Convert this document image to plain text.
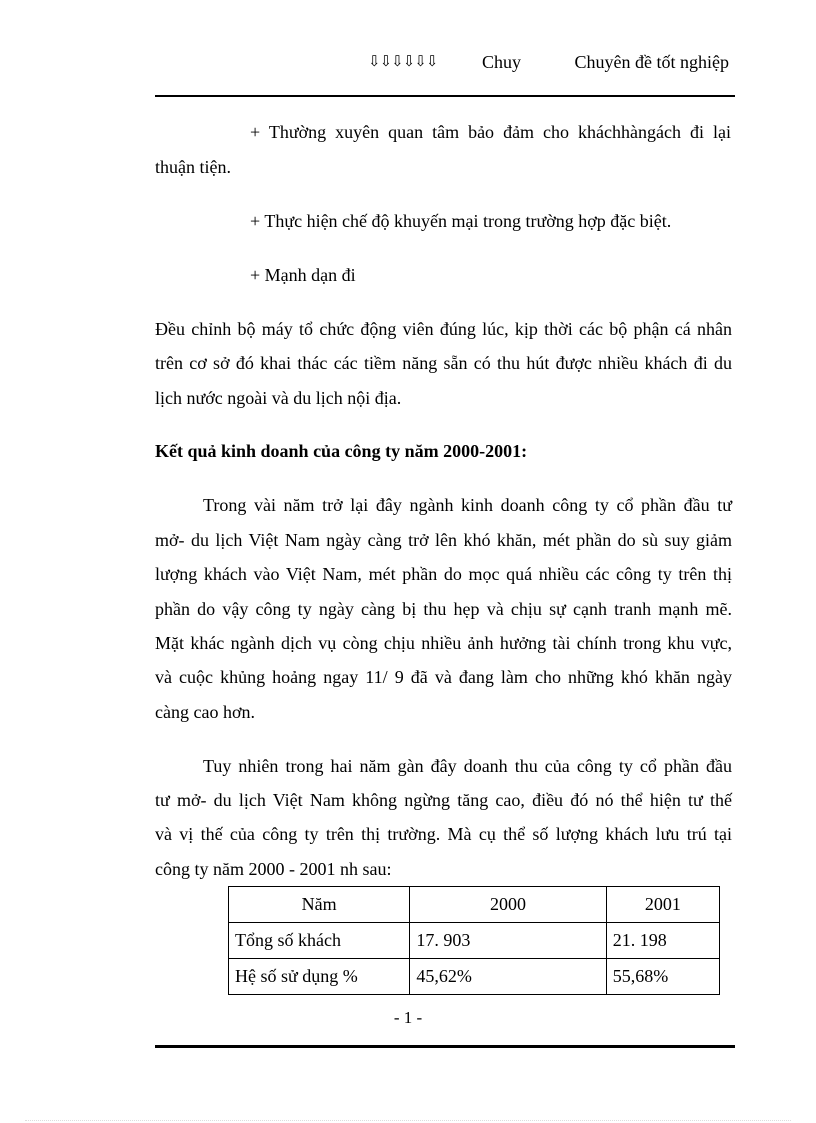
⇩⇩⇩⇩⇩⇩ Chuy	Chuyên đề tốt nghiệp
+ Thường xuyên quan tâm bảo đảm cho kháchhàngách đi lại
thuận tiện.
+ Thực hiện chế độ khuyến mại trong trường hợp đặc biệt.
+ Mạnh dạn đi
Đều chỉnh bộ máy tổ chức động viên đúng lúc, kịp thời các bộ phận cá nhân
trên cơ sở đó khai thác các tiềm năng sẵn có thu hút được nhiều khách đi du
lịch nước ngoài và du lịch nội địa.
Kết quả kinh doanh của công ty năm 2000-2001:
Trong vài năm trở lại đây ngành kinh doanh công ty cổ phần đầu tư
mở- du lịch Việt Nam ngày càng trở lên khó khăn, mét phần do sù suy giảm
lượng khách vào Việt Nam, mét phần do mọc quá nhiều các công ty trên thị
phần do vậy công ty ngày càng bị thu hẹp và chịu sự cạnh tranh mạnh mẽ.
Mặt khác ngành dịch vụ còng chịu nhiều ảnh hưởng tài chính trong khu vực,
và cuộc khủng hoảng ngay 11/ 9 đã và đang làm cho những khó khăn ngày
càng cao hơn.
Tuy nhiên trong hai năm gàn đây doanh thu của công ty cổ phần đầu
tư mở- du lịch Việt Nam không ngừng tăng cao, điều đó nó thể hiện tư thế
và vị thế của công ty trên thị trường. Mà cụ thể số lượng khách lưu trú tại
công ty năm 2000 - 2001 nh sau:
Năm	2000	2001
Tổng số khách	17. 903	21. 198
Hệ số sử dụng %	45,62%	55,68%
- 1 -
